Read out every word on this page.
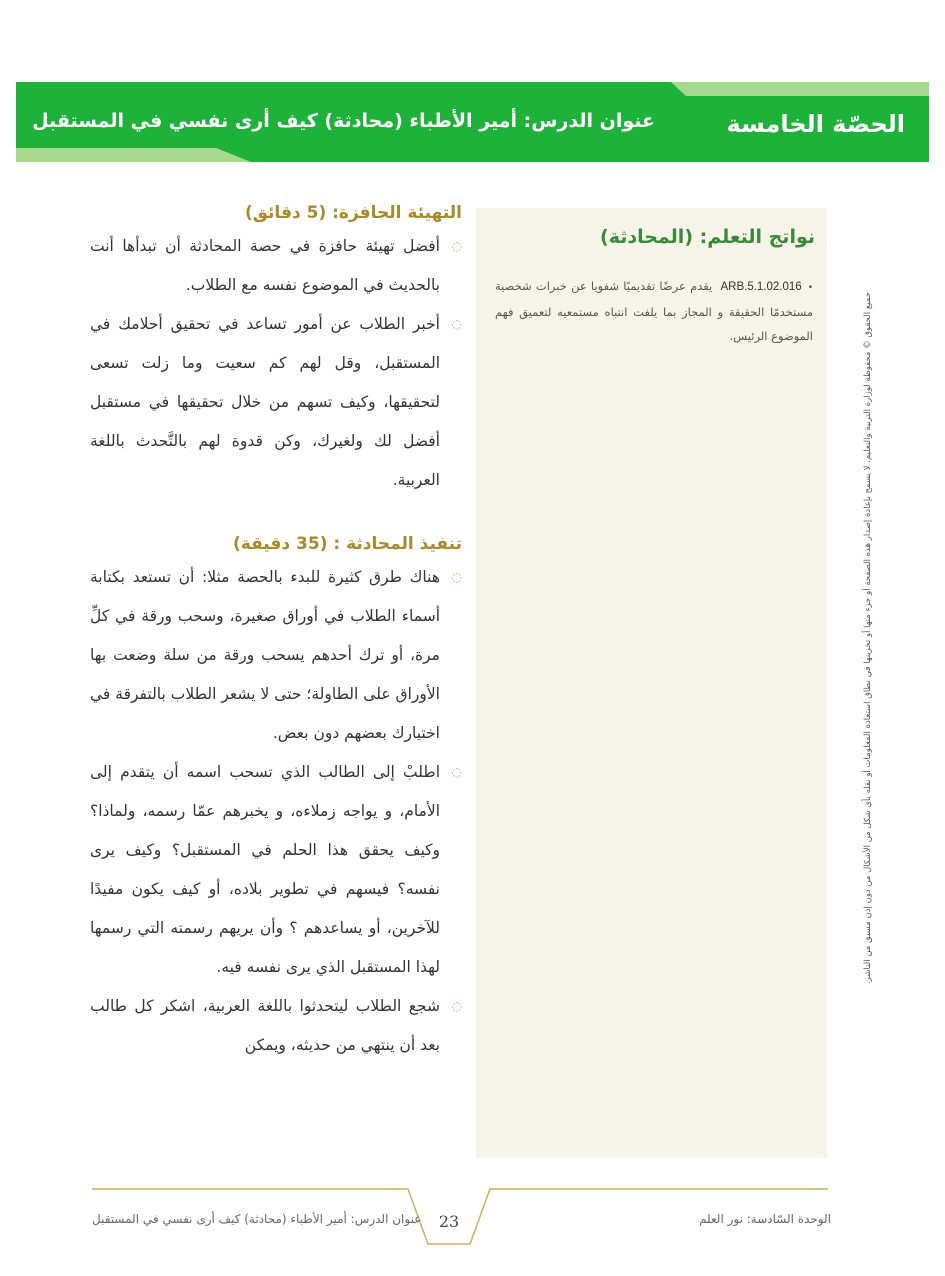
الحصّة الخامسة
عنوان الدرس: أمير الأطباء (محادثة) كيف أرى نفسي في المستقبل
نواتج التعلم: (المحادثة)
•ARB.5.1.02.016 يقدم عرضًا تقديميًا شفويا عن خبرات شخصية مستخدمًا الحقيقة و المجاز بما يلفت انتباه مستمعيه لتعميق فهم الموضوع الرئيس.
التهيئة الحافزة: (5 دقائق)
◌
أفضل تهيئة حافزة في حصة المحادثة أن تبدأها أنت بالحديث في الموضوع نفسه مع الطلاب.
◌
أخبر الطلاب عن أمور تساعد في تحقيق أحلامك في المستقبل، وقل لهم كم سعيت وما زلت تسعى لتحقيقها، وكيف تسهم من خلال تحقيقها في مستقبل أفضل لك ولغيرك، وكن قدوة لهم بالتَّحدث باللغة العربية.
تنفيذ المحادثة : (35 دقيقة)
◌
هناك طرق كثيرة للبدء بالحصة مثلا: أن تستعد بكتابة أسماء الطلاب في أوراق صغيرة، وسحب ورقة في كلِّ مرة، أو ترك أحدهم يسحب ورقة من سلة وضعت بها الأوراق على الطاولة؛ حتى لا يشعر الطلاب بالتفرقة في اختيارك بعضهم دون بعض.
◌
اطلبْ إلى الطالب الذي تسحب اسمه أن يتقدم إلى الأمام، و يواجه زملاءه، و يخبرهم عمّا رسمه، ولماذا؟ وكيف يحقق هذا الحلم في المستقبل؟ وكيف يرى نفسه؟ فيسهم في تطوير بلاده، أو كيف يكون مفيدًا للآخرين، أو يساعدهم ؟ وأن يريهم رسمته التي رسمها لهذا المستقبل الذي يرى نفسه فيه.
◌
شجع الطلاب ليتحدثوا باللغة العربية، اشكر كل طالب بعد أن ينتهي من حديثه، ويمكن
جميع الحقوق © محفوظة لوزارة التربية والتعليم. لا يسمح بإعادة إصدار هذه الصفحة أو جزء منها أو تخزينها في نطاق استعادة المعلومات أو نقله بأي شكل من الأشكال من دون إذن مسبق من الناشر.
الوحدة السّادسة: نور العلم
23
عنوان الدرس: أمير الأطباء (محادثة) كيف أرى نفسي في المستقبل
